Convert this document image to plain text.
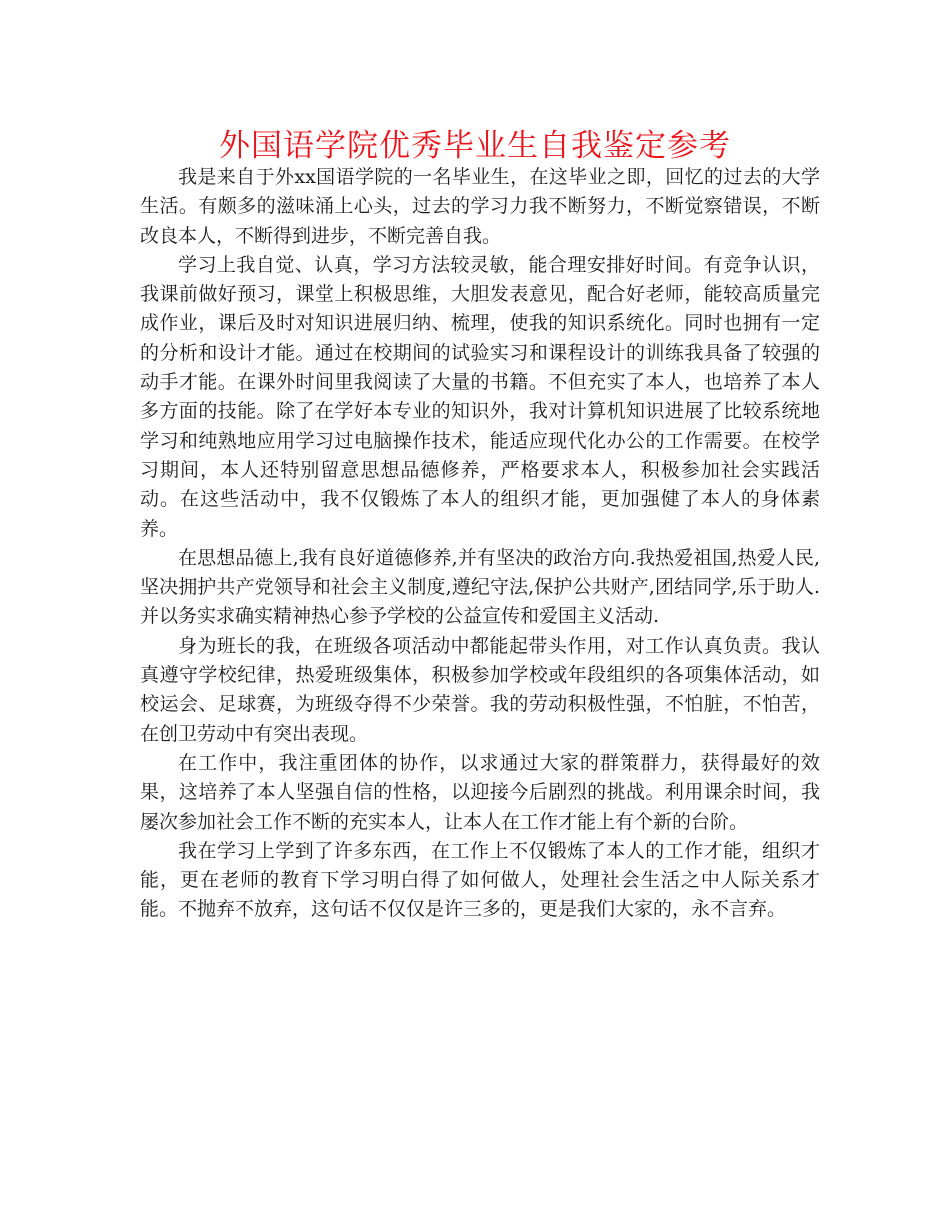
外国语学院优秀毕业生自我鉴定参考

我是来自于外xx国语学院的一名毕业生，在这毕业之即，回忆的过去的大学生活。有颇多的滋味涌上心头，过去的学习力我不断努力，不断觉察错误，不断改良本人，不断得到进步，不断完善自我。

学习上我自觉、认真，学习方法较灵敏，能合理安排好时间。有竞争认识，我课前做好预习，课堂上积极思维，大胆发表意见，配合好老师，能较高质量完成作业，课后及时对知识进展归纳、梳理，使我的知识系统化。同时也拥有一定的分析和设计才能。通过在校期间的试验实习和课程设计的训练我具备了较强的动手才能。在课外时间里我阅读了大量的书籍。不但充实了本人，也培养了本人多方面的技能。除了在学好本专业的知识外，我对计算机知识进展了比较系统地学习和纯熟地应用学习过电脑操作技术，能适应现代化办公的工作需要。在校学习期间，本人还特别留意思想品德修养，严格要求本人，积极参加社会实践活动。在这些活动中，我不仅锻炼了本人的组织才能，更加强健了本人的身体素养。

在思想品德上,我有良好道德修养,并有坚决的政治方向.我热爱祖国,热爱人民,坚决拥护共产党领导和社会主义制度,遵纪守法,保护公共财产,团结同学,乐于助人.并以务实求确实精神热心参予学校的公益宣传和爱国主义活动.

身为班长的我，在班级各项活动中都能起带头作用，对工作认真负责。我认真遵守学校纪律，热爱班级集体，积极参加学校或年段组织的各项集体活动，如校运会、足球赛，为班级夺得不少荣誉。我的劳动积极性强，不怕脏，不怕苦，在创卫劳动中有突出表现。

在工作中，我注重团体的协作，以求通过大家的群策群力，获得最好的效果，这培养了本人坚强自信的性格，以迎接今后剧烈的挑战。利用课余时间，我屡次参加社会工作不断的充实本人，让本人在工作才能上有个新的台阶。

我在学习上学到了许多东西，在工作上不仅锻炼了本人的工作才能，组织才能，更在老师的教育下学习明白得了如何做人，处理社会生活之中人际关系才能。不抛弃不放弃，这句话不仅仅是许三多的，更是我们大家的，永不言弃。
